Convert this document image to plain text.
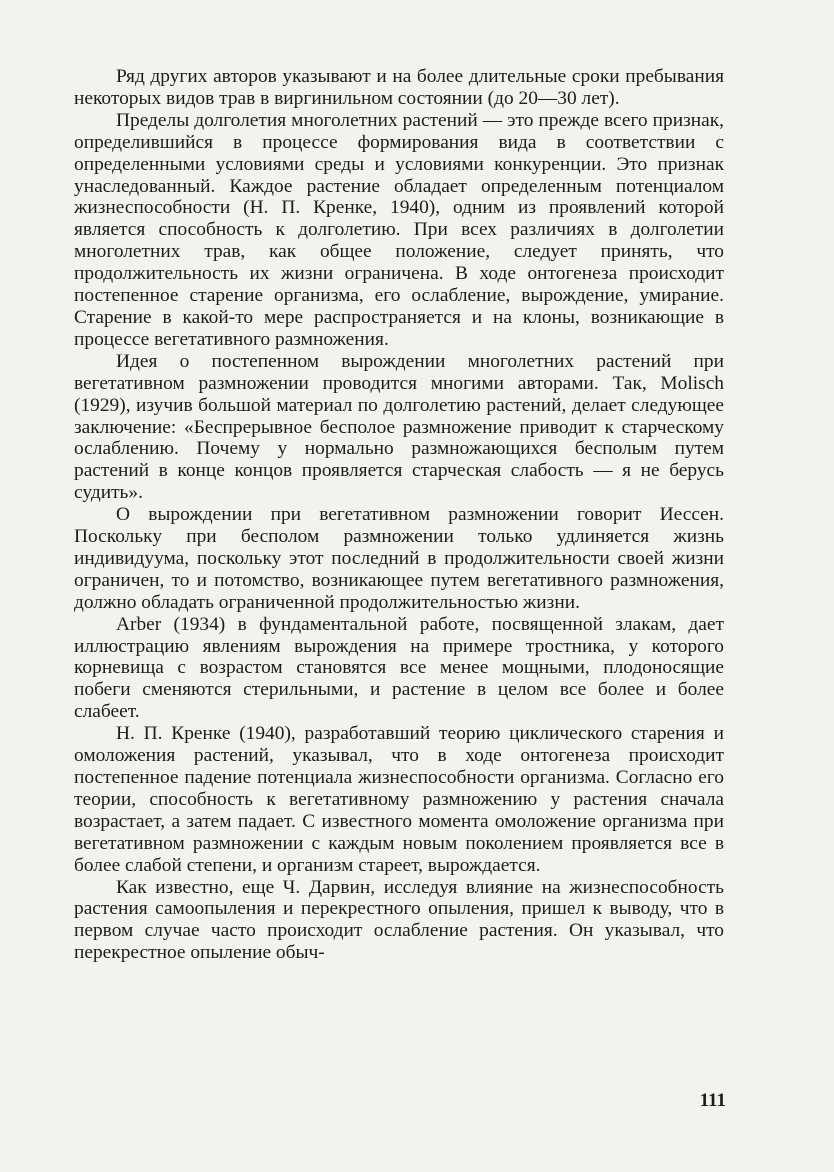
Ряд других авторов указывают и на более длительные сроки пребывания некоторых видов трав в виргинильном состоянии (до 20—30 лет).

Пределы долголетия многолетних растений — это прежде всего признак, определившийся в процессе формирования вида в соответствии с определенными условиями среды и условиями конкуренции. Это признак унаследованный. Каждое растение обладает определенным потенциалом жизнеспособности (Н. П. Кренке, 1940), одним из проявлений которой является способность к долголетию. При всех различиях в долголетии многолетних трав, как общее положение, следует принять, что продолжительность их жизни ограничена. В ходе онтогенеза происходит постепенное старение организма, его ослабление, вырождение, умирание. Старение в какой-то мере распространяется и на клоны, возникающие в процессе вегетативного размножения.

Идея о постепенном вырождении многолетних растений при вегетативном размножении проводится многими авторами. Так, Molisch (1929), изучив большой материал по долголетию растений, делает следующее заключение: «Беспрерывное бесполое размножение приводит к старческому ослаблению. Почему у нормально размножающихся бесполым путем растений в конце концов проявляется старческая слабость — я не берусь судить».

О вырождении при вегетативном размножении говорит Иессен. Поскольку при бесполом размножении только удлиняется жизнь индивидуума, поскольку этот последний в продолжительности своей жизни ограничен, то и потомство, возникающее путем вегетативного размножения, должно обладать ограниченной продолжительностью жизни.

Arber (1934) в фундаментальной работе, посвященной злакам, дает иллюстрацию явлениям вырождения на примере тростника, у которого корневища с возрастом становятся все менее мощными, плодоносящие побеги сменяются стерильными, и растение в целом все более и более слабеет.

Н. П. Кренке (1940), разработавший теорию циклического старения и омоложения растений, указывал, что в ходе онтогенеза происходит постепенное падение потенциала жизнеспособности организма. Согласно его теории, способность к вегетативному размножению у растения сначала возрастает, а затем падает. С известного момента омоложение организма при вегетативном размножении с каждым новым поколением проявляется все в более слабой степени, и организм стареет, вырождается.

Как известно, еще Ч. Дарвин, исследуя влияние на жизнеспособность растения самоопыления и перекрестного опыления, пришел к выводу, что в первом случае часто происходит ослабление растения. Он указывал, что перекрестное опыление обыч-

111
